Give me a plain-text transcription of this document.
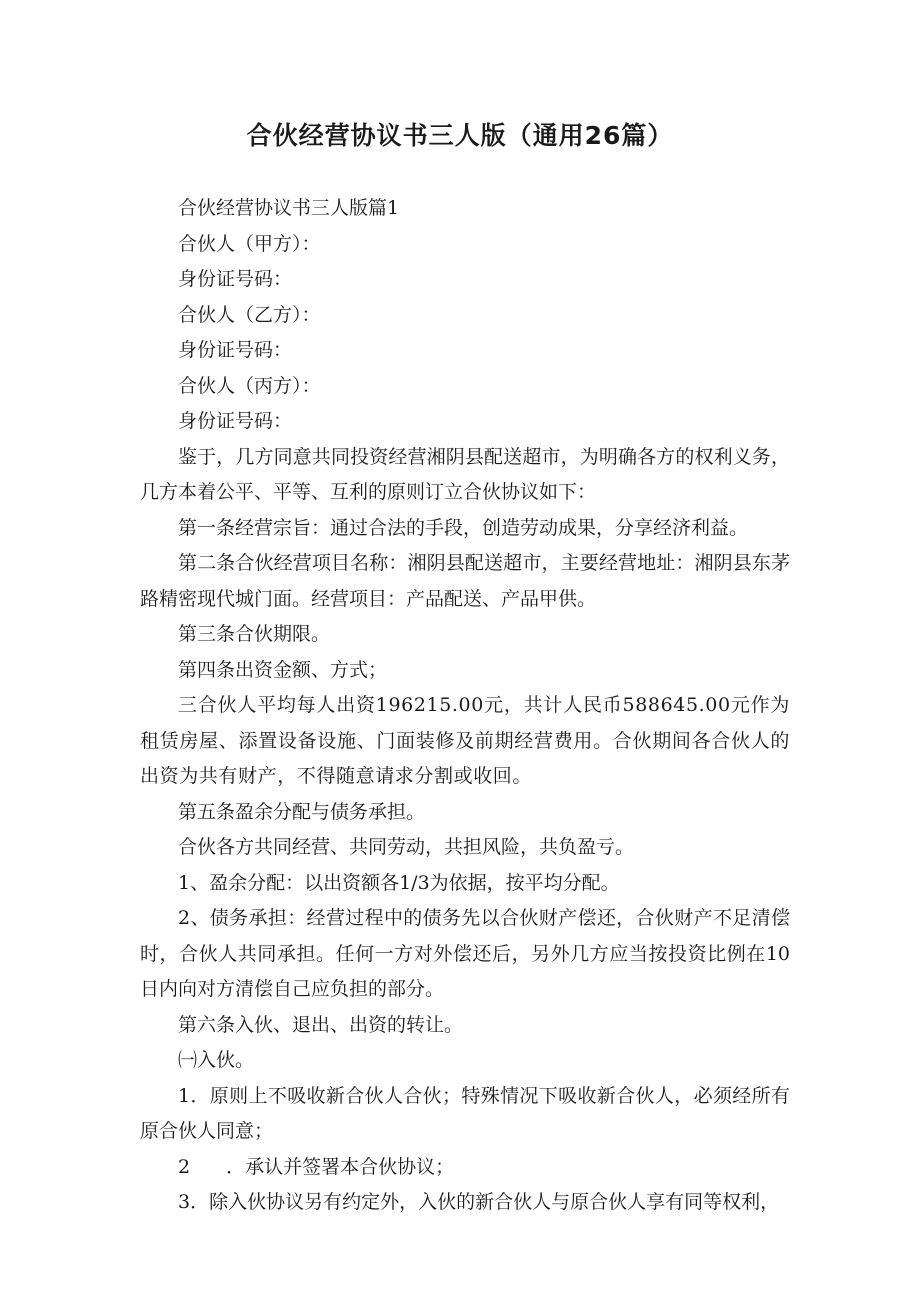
合伙经营协议书三人版（通用26篇）

合伙经营协议书三人版篇1

合伙人（甲方）：

身份证号码：

合伙人（乙方）：

身份证号码：

合伙人（丙方）：

身份证号码：

鉴于，几方同意共同投资经营湘阴县配送超市，为明确各方的权利义务，几方本着公平、平等、互利的原则订立合伙协议如下：

第一条经营宗旨：通过合法的手段，创造劳动成果，分享经济利益。

第二条合伙经营项目名称：湘阴县配送超市，主要经营地址：湘阴县东茅路精密现代城门面。经营项目：产品配送、产品甲供。

第三条合伙期限。

第四条出资金额、方式；

三合伙人平均每人出资196215.00元，共计人民币588645.00元作为租赁房屋、添置设备设施、门面装修及前期经营费用。合伙期间各合伙人的出资为共有财产，不得随意请求分割或收回。

第五条盈余分配与债务承担。

合伙各方共同经营、共同劳动，共担风险，共负盈亏。

1、盈余分配：以出资额各1/3为依据，按平均分配。

2、债务承担：经营过程中的债务先以合伙财产偿还，合伙财产不足清偿时，合伙人共同承担。任何一方对外偿还后，另外几方应当按投资比例在10日内向对方清偿自己应负担的部分。

第六条入伙、退出、出资的转让。

㈠入伙。

1．原则上不吸收新合伙人合伙；特殊情况下吸收新合伙人，必须经所有原合伙人同意；

2 ．承认并签署本合伙协议；

3．除入伙协议另有约定外，入伙的新合伙人与原合伙人享有同等权利，
